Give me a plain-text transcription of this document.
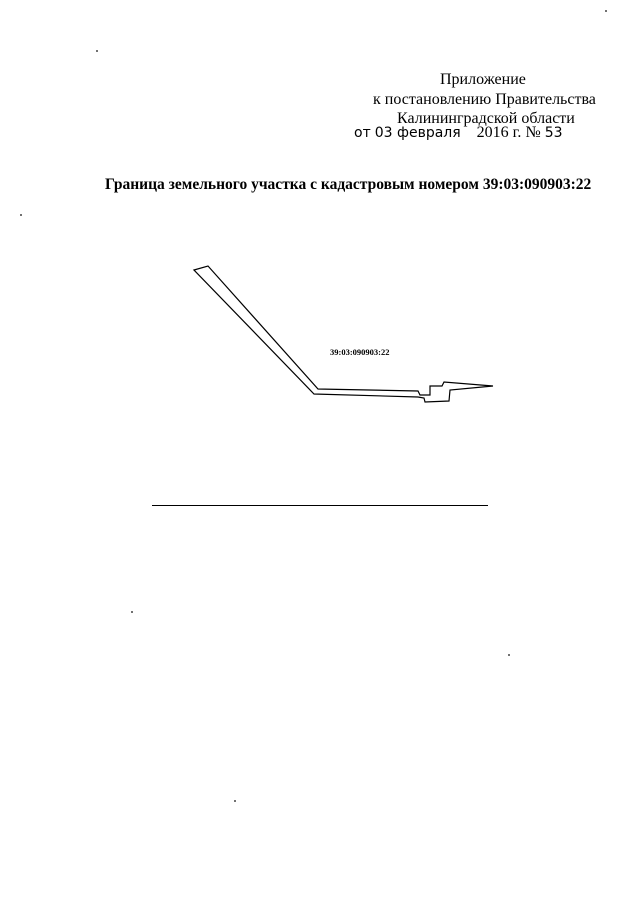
Приложение
к постановлению Правительства
Калининградской области
от 03 февраля 2016 г. № 53
Граница земельного участка с кадастровым номером 39:03:090903:22
39:03:090903:22
